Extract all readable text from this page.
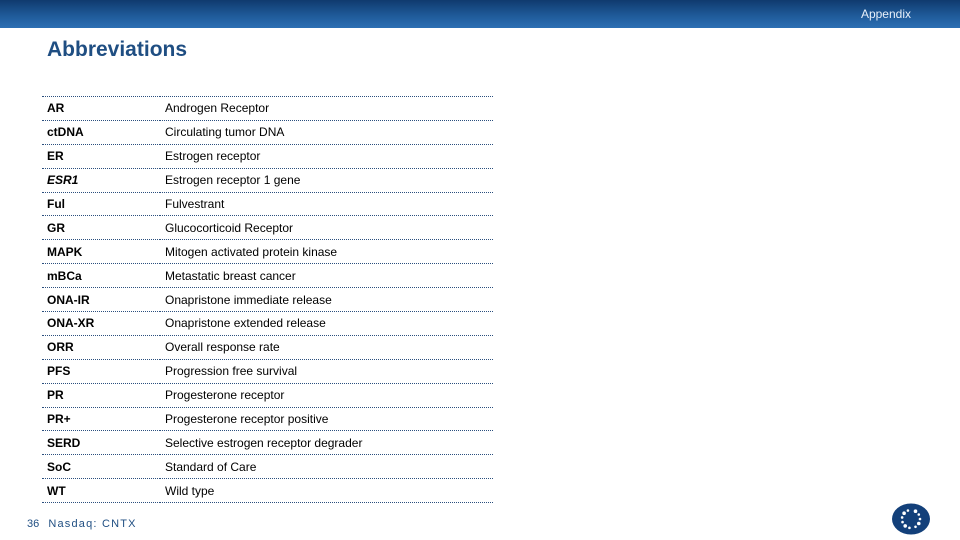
Appendix
Abbreviations
AR	Androgen Receptor
ctDNA	Circulating tumor DNA
ER	Estrogen receptor
ESR1	Estrogen receptor 1 gene
Ful	Fulvestrant
GR	Glucocorticoid Receptor
MAPK	Mitogen activated protein kinase
mBCa	Metastatic breast cancer
ONA-IR	Onapristone immediate release
ONA-XR	Onapristone extended release
ORR	Overall response rate
PFS	Progression free survival
PR	Progesterone receptor
PR+	Progesterone receptor positive
SERD	Selective estrogen receptor degrader
SoC	Standard of Care
WT	Wild type
36 Nasdaq: CNTX
